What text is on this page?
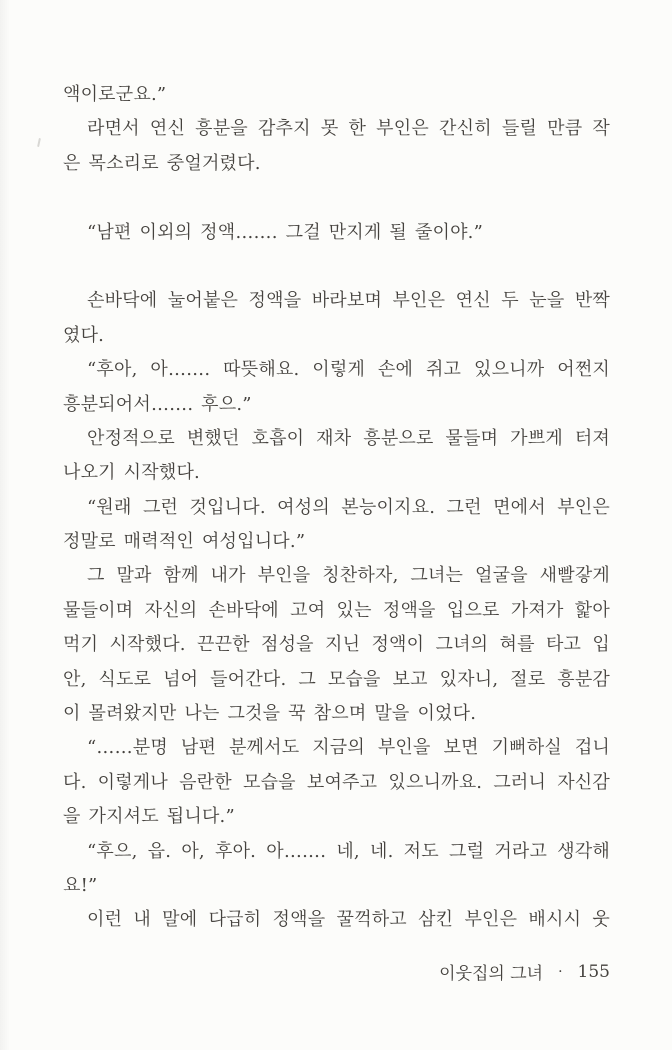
액이로군요.”
라면서 연신 흥분을 감추지 못 한 부인은 간신히 들릴 만큼 작
은 목소리로 중얼거렸다.
“남편 이외의 정액……. 그걸 만지게 될 줄이야.”
손바닥에 눌어붙은 정액을 바라보며 부인은 연신 두 눈을 반짝
였다.
“후아, 아……. 따뜻해요. 이렇게 손에 쥐고 있으니까 어쩐지
흥분되어서……. 후으.”
안정적으로 변했던 호흡이 재차 흥분으로 물들며 가쁘게 터져
나오기 시작했다.
“원래 그런 것입니다. 여성의 본능이지요. 그런 면에서 부인은
정말로 매력적인 여성입니다.”
그 말과 함께 내가 부인을 칭찬하자, 그녀는 얼굴을 새빨갛게
물들이며 자신의 손바닥에 고여 있는 정액을 입으로 가져가 핥아
먹기 시작했다. 끈끈한 점성을 지닌 정액이 그녀의 혀를 타고 입
안, 식도로 넘어 들어간다. 그 모습을 보고 있자니, 절로 흥분감
이 몰려왔지만 나는 그것을 꾹 참으며 말을 이었다.
“……분명 남편 분께서도 지금의 부인을 보면 기뻐하실 겁니
다. 이렇게나 음란한 모습을 보여주고 있으니까요. 그러니 자신감
을 가지셔도 됩니다.”
“후으, 읍. 아, 후아. 아……. 네, 네. 저도 그럴 거라고 생각해
요!”
이런 내 말에 다급히 정액을 꿀꺽하고 삼킨 부인은 배시시 웃
이웃집의 그녀 · 155
